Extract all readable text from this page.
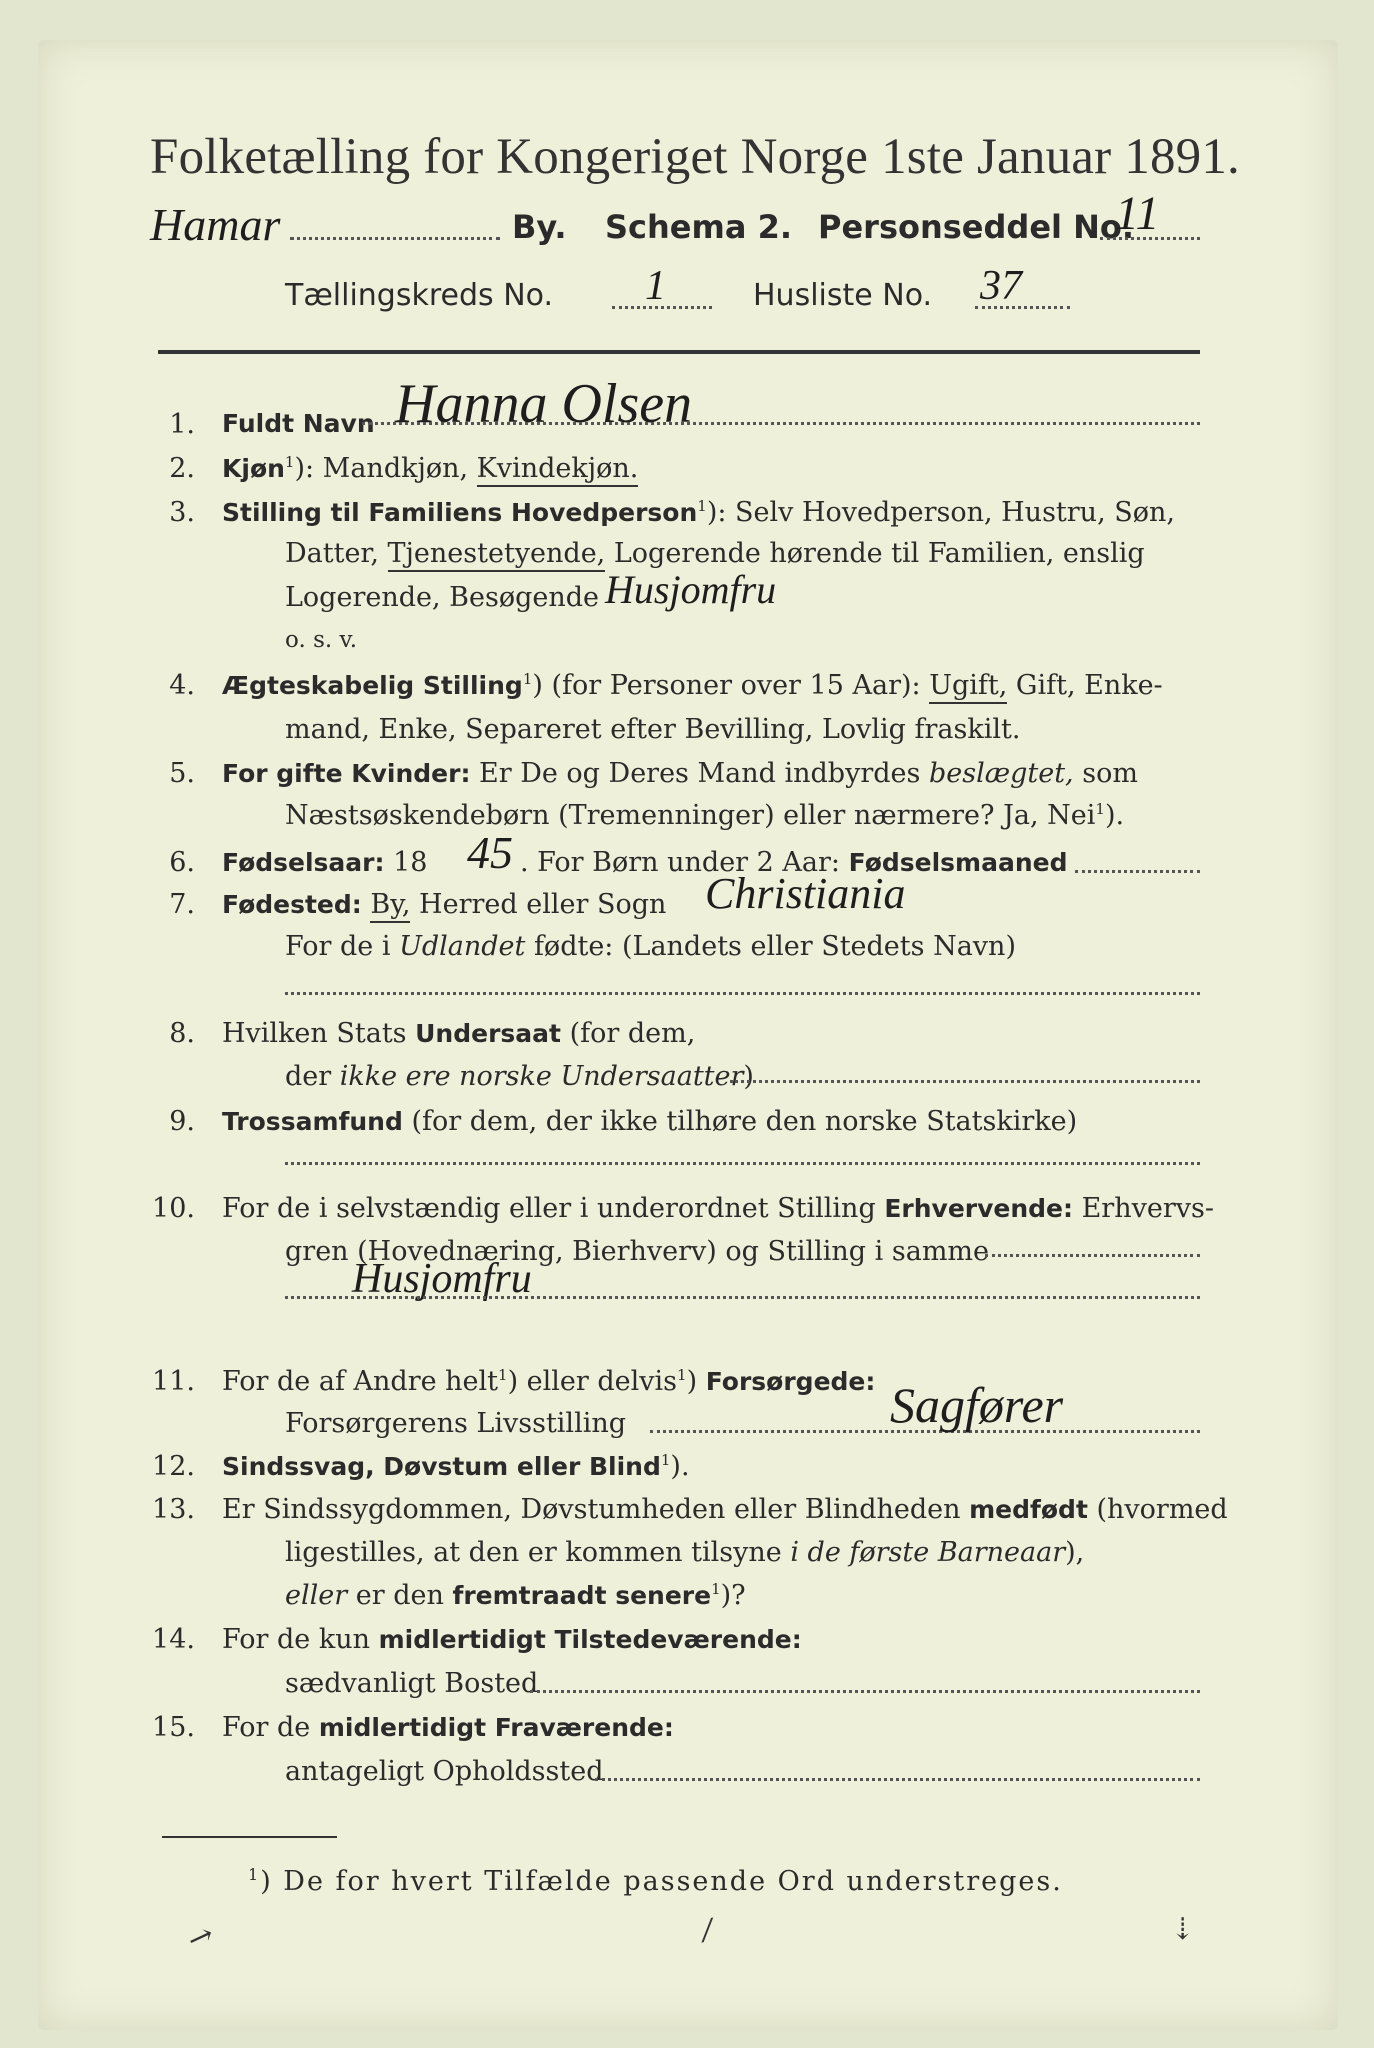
Folketælling for Kongeriget Norge 1ste Januar 1891.
Hamar	By. Schema 2. Personseddel No.
11
Tællingskreds No. 1	Husliste No. 37
1. Fuldt Navn Hanna Olsen
2. Kjøn$^1$): Mandkjøn, Kvindekjøn.
3. Stilling til Familiens Hovedperson$^1$): Selv Hovedperson, Hustru, Søn,
Datter, Tjenestetyende, Logerende hørende til Familien, enslig
Logerende, Besøgende Husjomfru
o. s. v.
4. Ægteskabelig Stilling$^1$) (for Personer over 15 Aar): Ugift, Gift, Enke-
mand, Enke, Separeret efter Bevilling, Lovlig fraskilt.
5. For gifte Kvinder: Er De og Deres Mand indbyrdes beslægtet, som
Næstsøskendebørn (Tremenninger) eller nærmere? Ja, Nei$^1$).
6. Fødselsaar: 18 45 . For Børn under 2 Aar: Fødselsmaaned
7. Fødested: By, Herred eller Sogn Christiania
For de i Udlandet fødte: (Landets eller Stedets Navn)
8. Hvilken Stats Undersaat (for dem,
der ikke ere norske Undersaatter)
9. Trossamfund (for dem, der ikke tilhøre den norske Statskirke)
10. For de i selvstændig eller i underordnet Stilling Erhvervende: Erhvervs-
gren (Hovednæring, Bierhverv) og Stilling i samme
Husjomfru
11. For de af Andre helt$^1$) eller delvis$^1$) Forsørgede:
Forsørgerens Livsstilling	Sagfører
12. Sindssvag, Døvstum eller Blind$^1$).
13. Er Sindssygdommen, Døvstumheden eller Blindheden medfødt (hvormed
ligestilles, at den er kommen tilsyne i de første Barneaar),
eller er den fremtraadt senere$^1$)?
14. For de kun midlertidigt Tilstedeværende:
sædvanligt Bosted
15. For de midlertidigt Fraværende:
antageligt Opholdssted
$^1$) De for hvert Tilfælde passende Ord understreges.
↗	⁄	⇣
